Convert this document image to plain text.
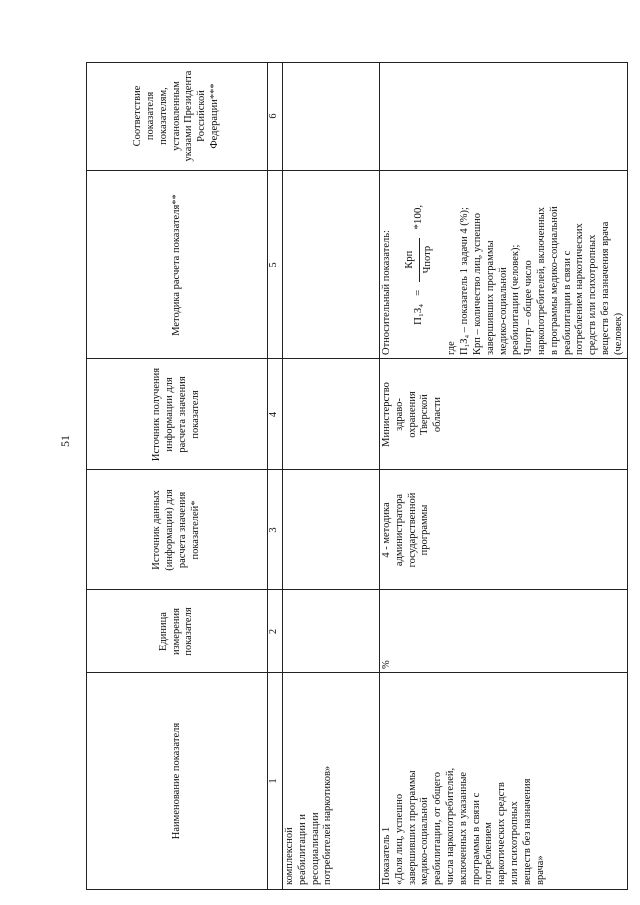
51
Наименование показателя
Единица измерения показателя
Источник данных (информации) для расчета значения показателей*
Источник получения информации для расчета значения показателя
Методика расчета показателя**
Соответствие показателя показателям, установленным указами Президента Российской Федерации***
1
2
3
4
5
6
комплексной
реабилитации и
ресоциализации
потребителей наркотиков»
Показатель 1
«Доля лиц, успешно
завершивших программы
медико-социальной
реабилитации, от общего
числа наркопотребителей,
включенных в указанные
программы в связи с
потреблением
наркотических средств
или психотропных
веществ без назначения
врача»
%
4 - методика
администратора
государственной
программы
Министерство
здраво-
охранения
Тверской
области
Относительный показатель: П₁З₄
=
Крп Чпотр
*100,
где
П₁З₄ – показатель 1 задачи 4 (%);
Крп – количество лиц, успешно
завершивших программы
медико-социальной
реабилитации (человек);
Чпотр – общее число
наркопотребителей, включенных
в программы медико-социальной
реабилитации в связи с
потреблением наркотических
средств или психотропных
веществ без назначения врача
(человек)
